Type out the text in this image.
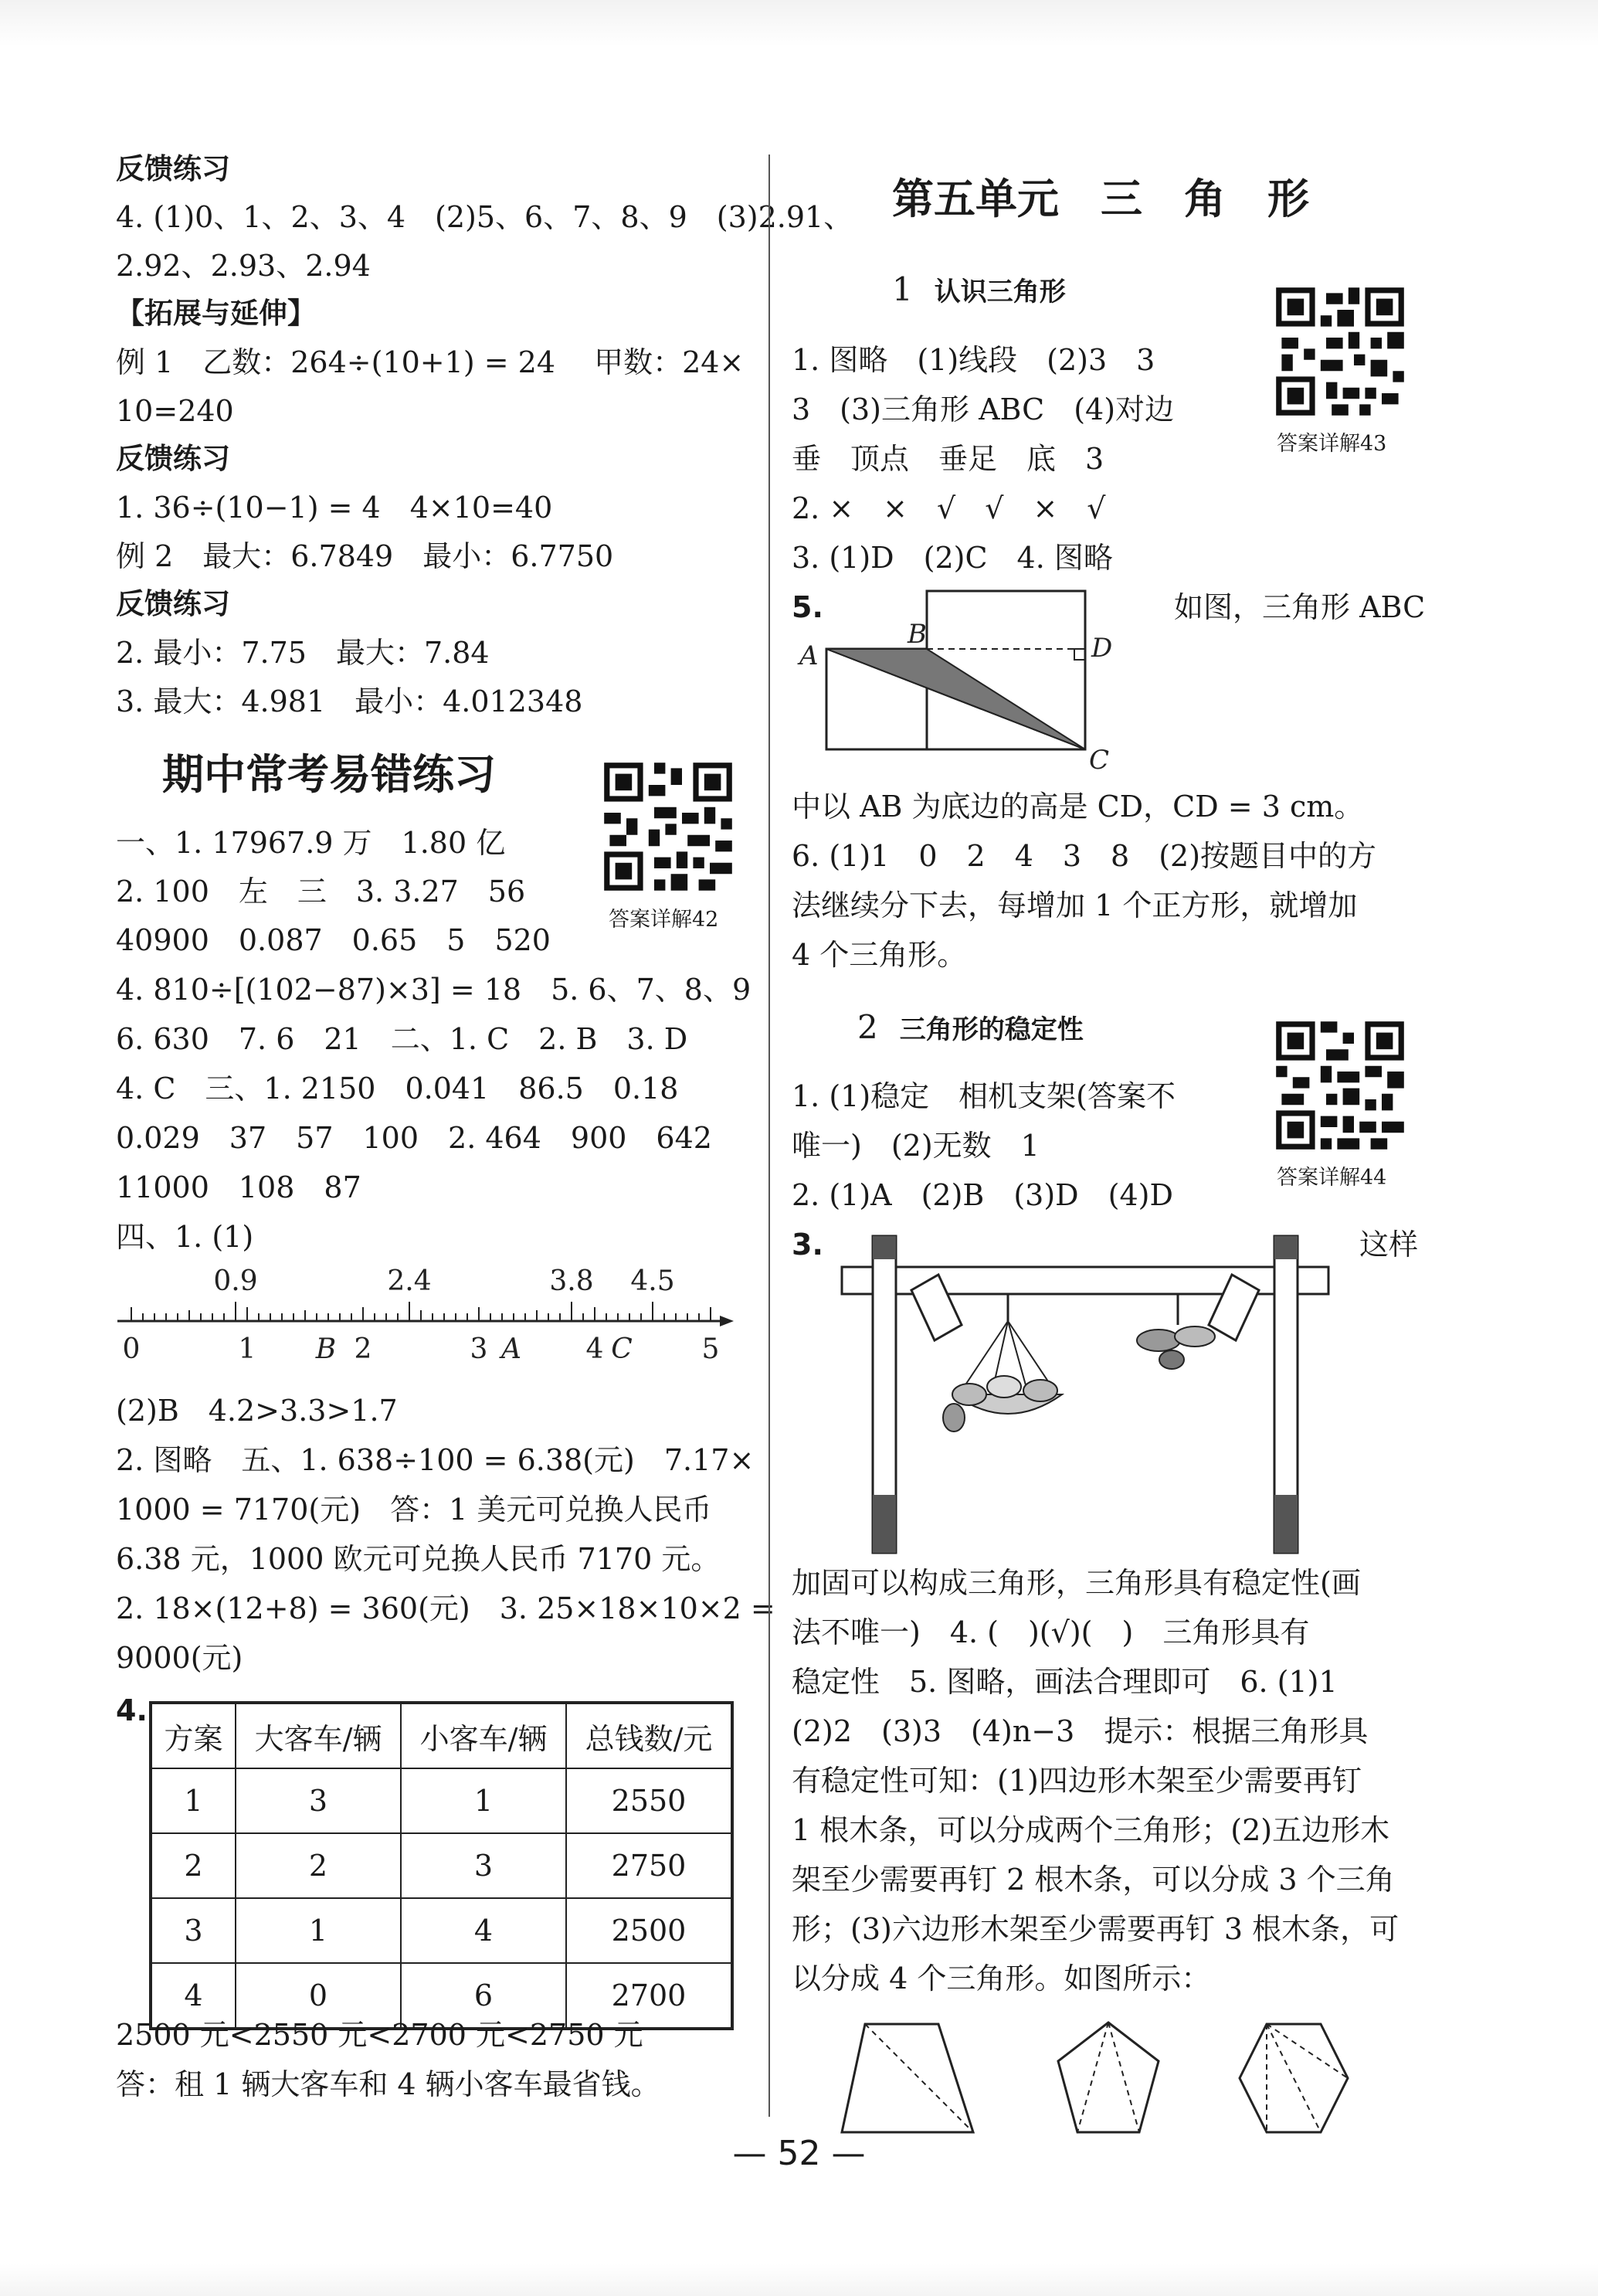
反馈练习
4. (1)0、1、2、3、4　(2)5、6、7、8、9　(3)2.91、
2.92、2.93、2.94
【拓展与延伸】
例 1　乙数：264÷(10+1) = 24　 甲数：24×
10=240
反馈练习
1. 36÷(10−1) = 4　4×10=40
例 2　最大：6.7849　最小：6.7750
反馈练习
2. 最小：7.75　最大：7.84
3. 最大：4.981　最小：4.012348
期中常考易错练习
答案详解42
一、1. 17967.9 万　1.80 亿
2. 100　左　三　3. 3.27　56
40900　0.087　0.65　5　520
4. 810÷[(102−87)×3] = 18　5. 6、7、8、9
6. 630　7. 6　21　二、1. C　2. B　3. D
4. C　三、1. 2150　0.041　86.5　0.18
0.029　37　57　100　2. 464　900　642
11000　108　87
四、1. (1)
0	1	2	3	4	5
0.9	2.4	3.8 4.5
B	A	C
(2)B　4.2>3.3>1.7
2. 图略　五、1. 638÷100 = 6.38(元)　7.17×
1000 = 7170(元)　答：1 美元可兑换人民币
6.38 元，1000 欧元可兑换人民币 7170 元。
2. 18×(12+8) = 360(元)　3. 25×18×10×2 =
9000(元)
4.
方案	大客车/辆	小客车/辆	总钱数/元
1	3	1	2550
2	2	3	2750
3	1	4	2500
4	0	6	2700
2500 元<2550 元<2700 元<2750 元
答：租 1 辆大客车和 4 辆小客车最省钱。
第五单元　三　角　形
1 认识三角形
答案详解43
1. 图略　(1)线段　(2)3　3
3　(3)三角形 ABC　(4)对边
垂　顶点　垂足　底　3
2. ×　×　√　√　×　√
3. (1)D　(2)C　4. 图略
5.	如图，三角形 ABC
A
B
C
D
中以 AB 为底边的高是 CD，CD = 3 cm。
6. (1)1　0　2　4　3　8　(2)按题目中的方
法继续分下去，每增加 1 个正方形，就增加
4 个三角形。
2 三角形的稳定性
答案详解44
1. (1)稳定　相机支架(答案不
唯一)　(2)无数　1
2. (1)A　(2)B　(3)D　(4)D
3.	这样
加固可以构成三角形，三角形具有稳定性(画
法不唯一)　4. (　)(√)(　)　三角形具有
稳定性　5. 图略，画法合理即可　6. (1)1
(2)2　(3)3　(4)n−3　提示：根据三角形具
有稳定性可知：(1)四边形木架至少需要再钉
1 根木条，可以分成两个三角形；(2)五边形木
架至少需要再钉 2 根木条，可以分成 3 个三角
形；(3)六边形木架至少需要再钉 3 根木条，可
以分成 4 个三角形。如图所示：
— 52 —
